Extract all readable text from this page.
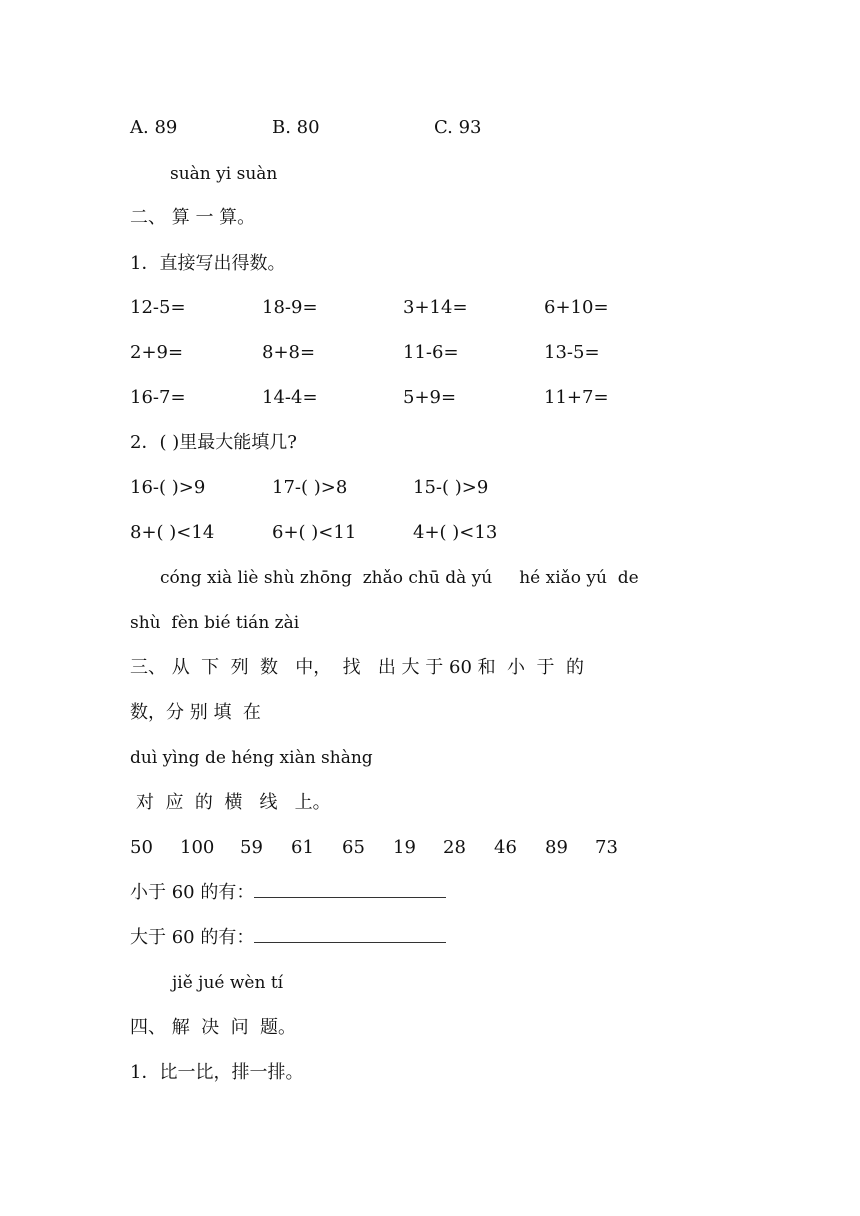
A. 89	B. 80	C. 93
suàn yi suàn
二、 算 一 算。
1．直接写出得数。
12-5=	18-9=	3+14=	6+10=
2+9=	8+8=	11-6=	13-5=
16-7=	14-4=	5+9=	11+7=
2．( )里最大能填几?
16-( )>9	17-( )>8	15-( )>9
8+( )<14	6+( )<11	4+( )<13
cóng xià liè shù zhōng  zhǎo chū dà yú     hé xiǎo yú  de
shù  fèn bié tián zài
三、 从  下  列  数   中，  找   出 大 于 60 和  小  于  的
数，分 别 填  在
duì yìng de héng xiàn shàng
对  应  的  横   线   上。
50 100 59 61 65 19 28 46 89 73
小于 60 的有：
大于 60 的有：
jiě jué wèn tí
四、 解  决  问  题。
1．比一比，排一排。
